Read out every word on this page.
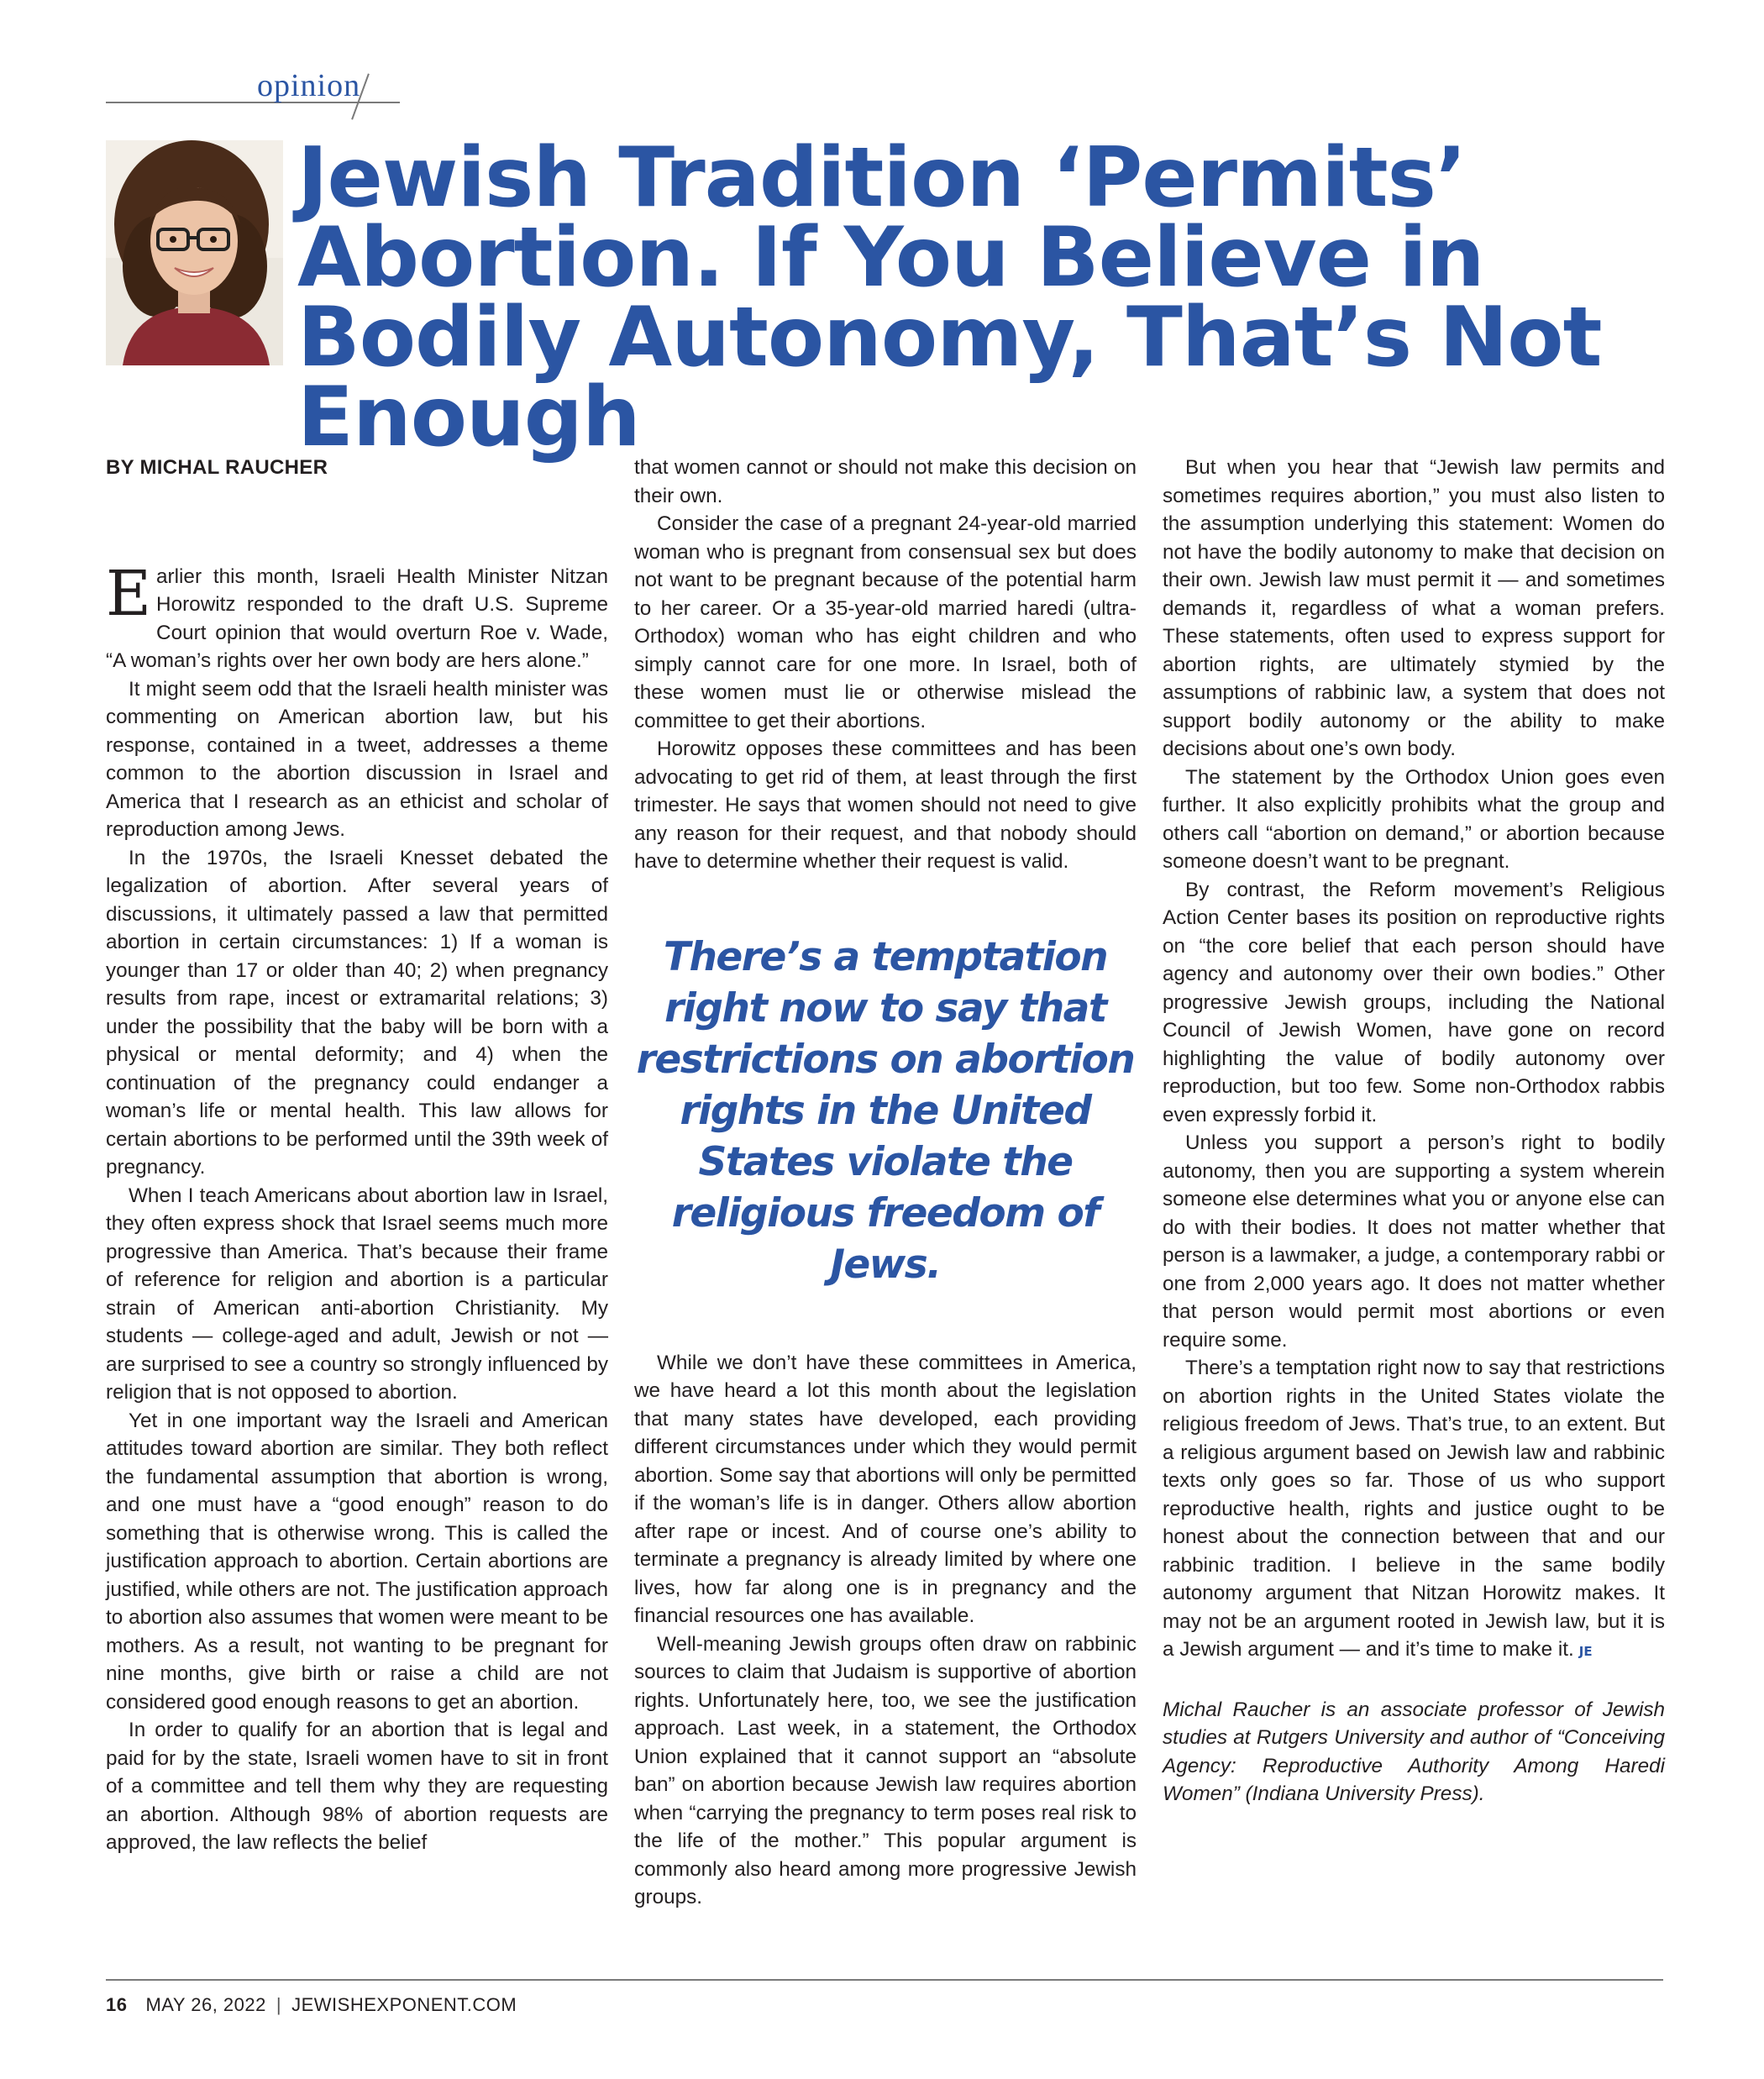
opinion
Jewish Tradition ‘Permits’ Abortion. If You Believe in Bodily Autonomy, That’s Not Enough

BY MICHAL RAUCHER

Earlier this month, Israeli Health Minister Nitzan Horowitz responded to the draft U.S. Supreme Court opinion that would overturn Roe v. Wade, “A woman’s rights over her own body are hers alone.”

It might seem odd that the Israeli health minister was commenting on American abortion law, but his response, contained in a tweet, addresses a theme common to the abortion discussion in Israel and America that I research as an ethicist and scholar of reproduction among Jews.

In the 1970s, the Israeli Knesset debated the legalization of abortion. After several years of discussions, it ultimately passed a law that permitted abortion in certain circumstances: 1) If a woman is younger than 17 or older than 40; 2) when pregnancy results from rape, incest or extramarital relations; 3) under the possibility that the baby will be born with a physical or mental deformity; and 4) when the continuation of the pregnancy could endanger a woman’s life or mental health. This law allows for certain abortions to be performed until the 39th week of pregnancy.

When I teach Americans about abortion law in Israel, they often express shock that Israel seems much more progressive than America. That’s because their frame of reference for religion and abortion is a particular strain of American anti-abortion Christianity. My students — college-aged and adult, Jewish or not — are surprised to see a country so strongly influenced by religion that is not opposed to abortion.

Yet in one important way the Israeli and American attitudes toward abortion are similar. They both reflect the fundamental assumption that abortion is wrong, and one must have a “good enough” reason to do something that is otherwise wrong. This is called the justification approach to abortion. Certain abortions are justified, while others are not. The justification approach to abortion also assumes that women were meant to be mothers. As a result, not wanting to be pregnant for nine months, give birth or raise a child are not considered good enough reasons to get an abortion.

In order to qualify for an abortion that is legal and paid for by the state, Israeli women have to sit in front of a committee and tell them why they are requesting an abortion. Although 98% of abortion requests are approved, the law reflects the belief

that women cannot or should not make this decision on their own.

Consider the case of a pregnant 24-year-old married woman who is pregnant from consensual sex but does not want to be pregnant because of the potential harm to her career. Or a 35-year-old married haredi (ultra-Orthodox) woman who has eight children and who simply cannot care for one more. In Israel, both of these women must lie or otherwise mislead the committee to get their abortions.

Horowitz opposes these committees and has been advocating to get rid of them, at least through the first trimester. He says that women should not need to give any reason for their request, and that nobody should have to determine whether their request is valid.

There’s a temptation right now to say that restrictions on abortion rights in the United States violate the religious freedom of Jews.

While we don’t have these committees in America, we have heard a lot this month about the legislation that many states have developed, each providing different circumstances under which they would permit abortion. Some say that abortions will only be permitted if the woman’s life is in danger. Others allow abortion after rape or incest. And of course one’s ability to terminate a pregnancy is already limited by where one lives, how far along one is in pregnancy and the financial resources one has available.

Well-meaning Jewish groups often draw on rabbinic sources to claim that Judaism is supportive of abortion rights. Unfortunately here, too, we see the justification approach. Last week, in a statement, the Orthodox Union explained that it cannot support an “absolute ban” on abortion because Jewish law requires abortion when “carrying the pregnancy to term poses real risk to the life of the mother.” This popular argument is commonly also heard among more progressive Jewish groups.

But when you hear that “Jewish law permits and sometimes requires abortion,” you must also listen to the assumption underlying this statement: Women do not have the bodily autonomy to make that decision on their own. Jewish law must permit it — and sometimes demands it, regardless of what a woman prefers. These statements, often used to express support for abortion rights, are ultimately stymied by the assumptions of rabbinic law, a system that does not support bodily autonomy or the ability to make decisions about one’s own body.

The statement by the Orthodox Union goes even further. It also explicitly prohibits what the group and others call “abortion on demand,” or abortion because someone doesn’t want to be pregnant.

By contrast, the Reform movement’s Religious Action Center bases its position on reproductive rights on “the core belief that each person should have agency and autonomy over their own bodies.” Other progressive Jewish groups, including the National Council of Jewish Women, have gone on record highlighting the value of bodily autonomy over reproduction, but too few. Some non-Orthodox rabbis even expressly forbid it.

Unless you support a person’s right to bodily autonomy, then you are supporting a system wherein someone else determines what you or anyone else can do with their bodies. It does not matter whether that person is a lawmaker, a judge, a contemporary rabbi or one from 2,000 years ago. It does not matter whether that person would permit most abortions or even require some.

There’s a temptation right now to say that restrictions on abortion rights in the United States violate the religious freedom of Jews. That’s true, to an extent. But a religious argument based on Jewish law and rabbinic texts only goes so far. Those of us who support reproductive health, rights and justice ought to be honest about the connection between that and our rabbinic tradition. I believe in the same bodily autonomy argument that Nitzan Horowitz makes. It may not be an argument rooted in Jewish law, but it is a Jewish argument — and it’s time to make it. JE

Michal Raucher is an associate professor of Jewish studies at Rutgers University and author of “Conceiving Agency: Reproductive Authority Among Haredi Women” (Indiana University Press).

16 MAY 26, 2022 | JEWISHEXPONENT.COM
